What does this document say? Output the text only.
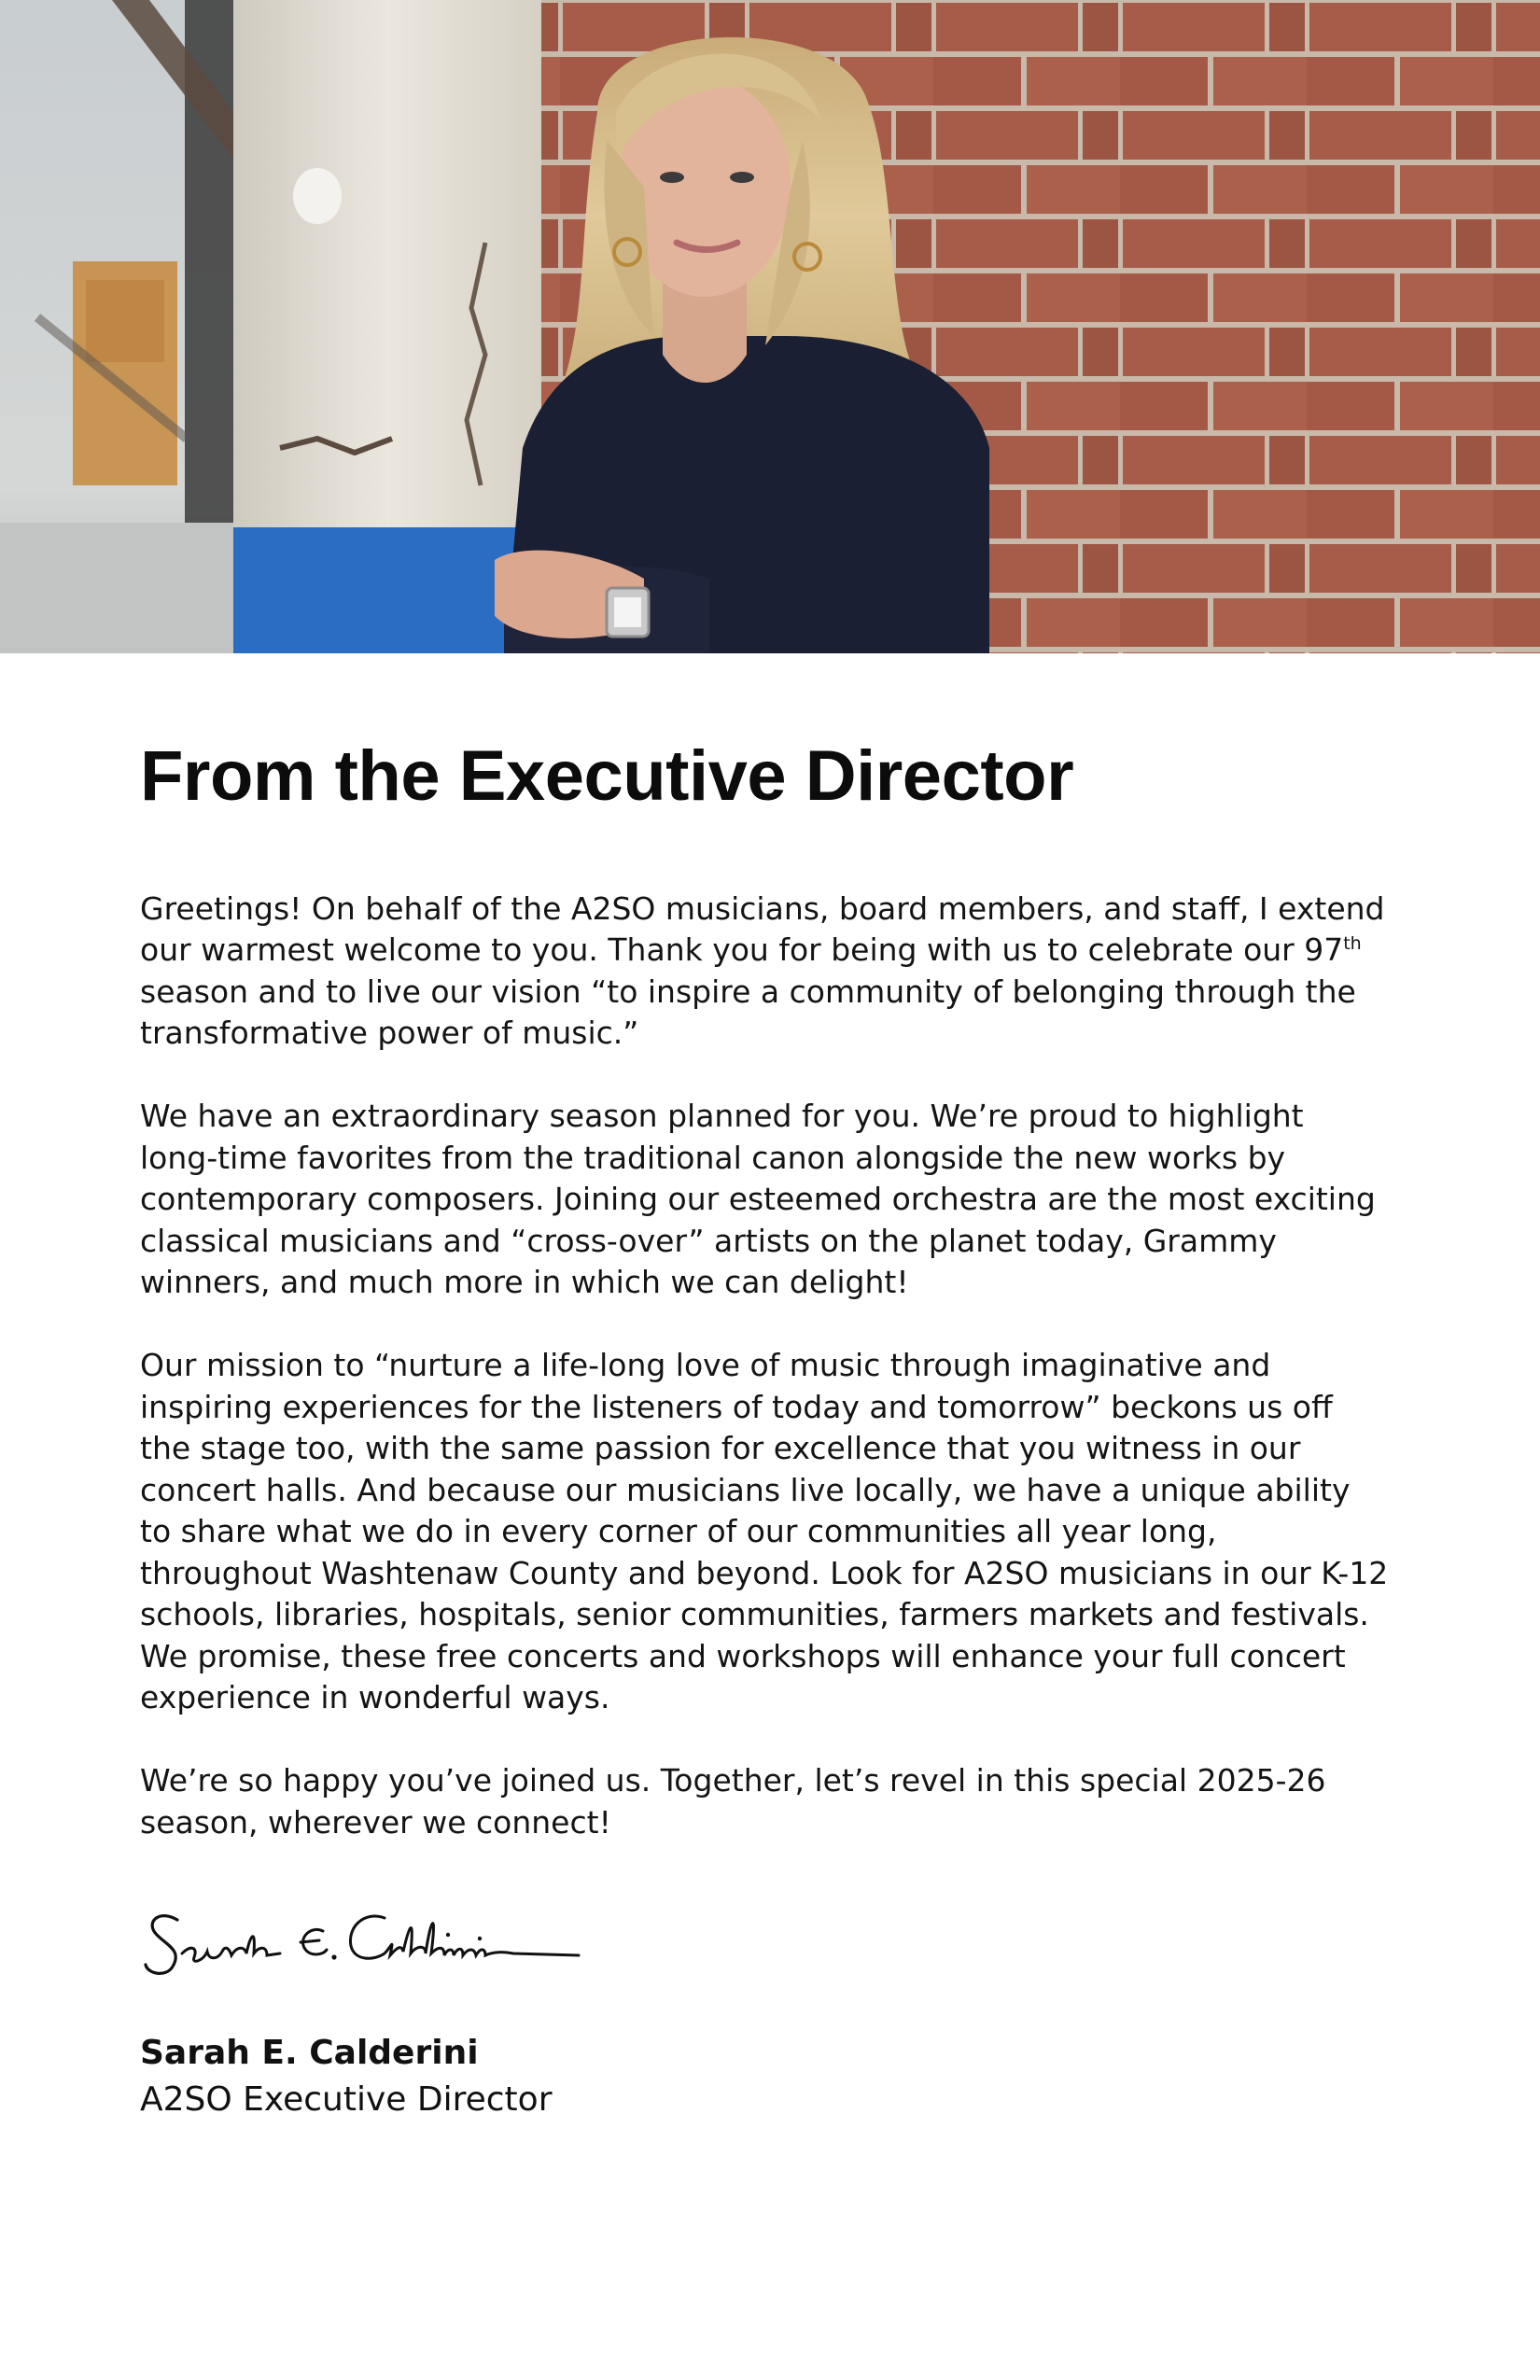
From the Executive Director

Greetings! On behalf of the A2SO musicians, board members, and staff, I extend our warmest welcome to you. Thank you for being with us to celebrate our 97th season and to live our vision “to inspire a community of belonging through the transformative power of music.”

We have an extraordinary season planned for you. We’re proud to highlight long-time favorites from the traditional canon alongside the new works by contemporary composers. Joining our esteemed orchestra are the most exciting classical musicians and “cross-over” artists on the planet today, Grammy winners, and much more in which we can delight!

Our mission to “nurture a life-long love of music through imaginative and inspiring experiences for the listeners of today and tomorrow” beckons us off the stage too, with the same passion for excellence that you witness in our concert halls. And because our musicians live locally, we have a unique ability to share what we do in every corner of our communities all year long, throughout Washtenaw County and beyond. Look for A2SO musicians in our K-12 schools, libraries, hospitals, senior communities, farmers markets and festivals. We promise, these free concerts and workshops will enhance your full concert experience in wonderful ways.

We’re so happy you’ve joined us. Together, let’s revel in this special 2025-26 season, wherever we connect!

Sarah E. Calderini

A2SO Executive Director
